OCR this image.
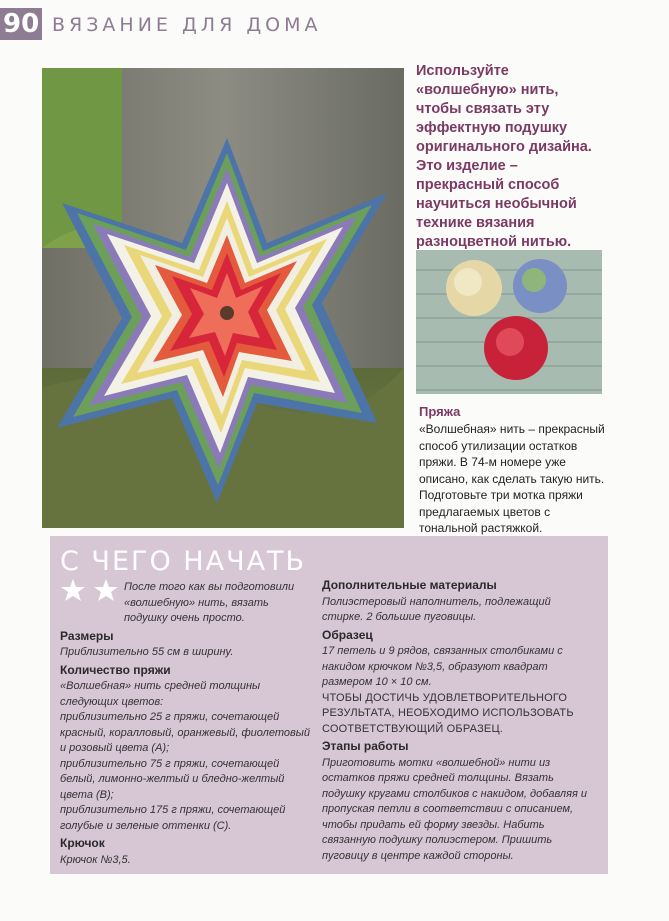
90 ВЯЗАНИЕ ДЛЯ ДОМА
Используйте «волшебную» нить, чтобы связать эту эффектную подушку оригинального дизайна. Это изделие – прекрасный способ научиться необычной технике вязания разноцветной нитью.
Пряжа
«Волшебная» нить – прекрасный способ утилизации остатков пряжи. В 74-м номере уже описано, как сделать такую нить. Подготовьте три мотка пряжи предлагаемых цветов с тональной растяжкой.
С ЧЕГО НАЧАТЬ

После того как вы подготовили «волшебную» нить, вязать подушку очень просто.

Размеры

Приблизительно 55 см в ширину.

Количество пряжи

«Волшебная» нить средней толщины следующих цветов:

приблизительно 25 г пряжи, сочетающей красный, коралловый, оранжевый, фиолетовый и розовый цвета (A);

приблизительно 75 г пряжи, сочетающей белый, лимонно-желтый и бледно-желтый цвета (B);

приблизительно 175 г пряжи, сочетающей голубые и зеленые оттенки (C).

Крючок

Крючок №3,5.

Дополнительные материалы

Полиэстеровый наполнитель, подлежащий стирке. 2 большие пуговицы.

Образец

17 петель и 9 рядов, связанных столбиками с накидом крючком №3,5, образуют квадрат размером 10 × 10 см.

ЧТОБЫ ДОСТИЧЬ УДОВЛЕТВОРИТЕЛЬНОГО РЕЗУЛЬТАТА, НЕОБХОДИМО ИСПОЛЬЗОВАТЬ СООТВЕТСТВУЮЩИЙ ОБРАЗЕЦ.

Этапы работы

Приготовить мотки «волшебной» нити из остатков пряжи средней толщины. Вязать подушку кругами столбиков с накидом, добавляя и пропуская петли в соответствии с описанием, чтобы придать ей форму звезды. Набить связанную подушку полиэстером. Пришить пуговицу в центре каждой стороны.
